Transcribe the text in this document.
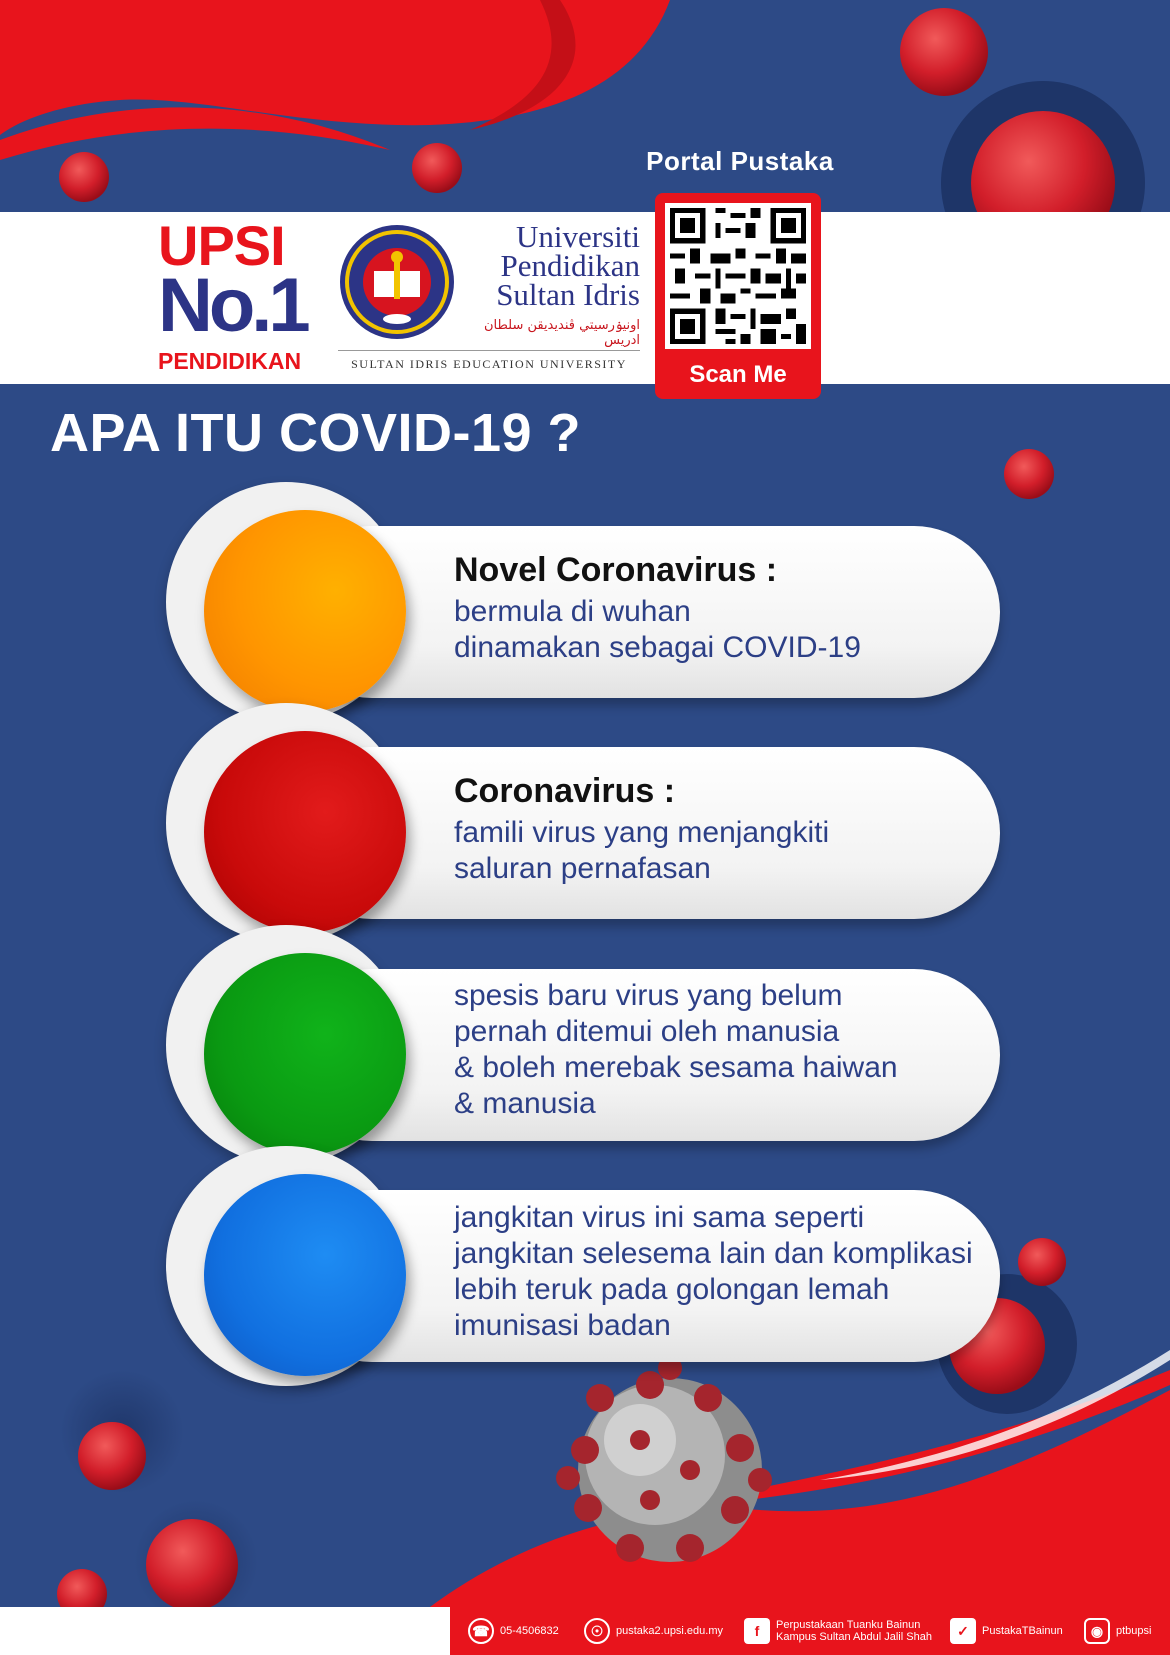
Portal Pustaka
Scan Me
UPSI
No.1
PENDIDIKAN
Universiti
Pendidikan
Sultan Idris
اونيۏرسيتي ڤنديديقن سلطان ادريس
SULTAN IDRIS EDUCATION UNIVERSITY
APA ITU COVID-19 ?
Novel Coronavirus :
bermula di wuhan
dinamakan sebagai COVID-19
Coronavirus :
famili virus yang menjangkiti
saluran pernafasan
spesis baru virus yang belum
pernah ditemui oleh manusia
& boleh merebak sesama haiwan
& manusia
jangkitan virus ini sama seperti
jangkitan selesema lain dan komplikasi
lebih teruk pada golongan lemah
imunisasi badan
☎ 05-4506832	☉	pustaka2.upsi.edu.my	f	Perpustakaan Tuanku Bainun
Kampus Sultan Abdul Jalil Shah	✓	PustakaTBainun	◉	ptbupsi
